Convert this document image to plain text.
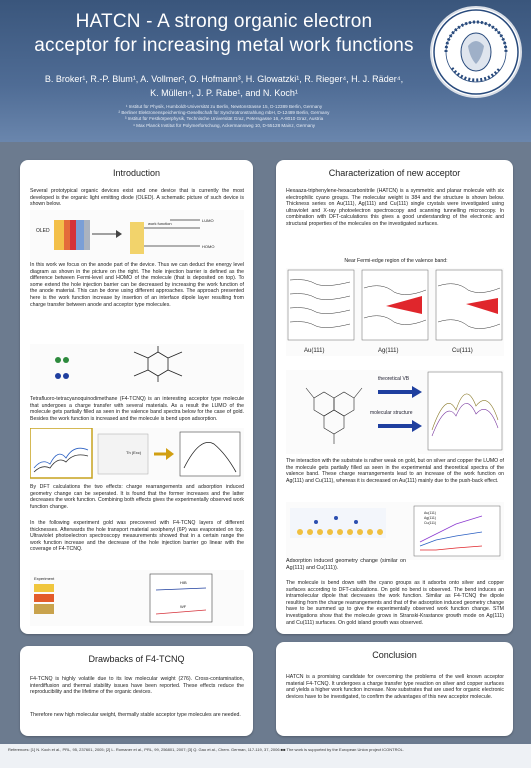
HATCN - A strong organic electron
acceptor for increasing metal work functions
B. Broker¹, R.-P. Blum¹, A. Vollmer², O. Hofmann³, H. Glowatzki¹, R. Rieger⁴, H. J. Räder⁴,
K. Müllen⁴, J. P. Rabe¹, and N. Koch¹
¹ Institut für Physik, Humboldt-Universität zu Berlin, Newtonstrasse 15, D-12389 Berlin, Germany
² Berliner Elektronenspeicherring-Gesellschaft für Synchrotronstrahlung mbH, D-12489 Berlin, Germany
³ Institut für Festkörperphysik, Technische Universität Graz, Petersgasse 16, A-8010 Graz, Austria
⁴ Max Planck Institut für Polymerforschung, Ackermannweg 10, D-55128 Mainz, Germany
Introduction
Several prototypical organic devices exist and one device that is currently the most developed is the organic light emitting diode (OLED). A schematic picture of such device is shown below.
OLED
work function
LUMO
HOMO
In this work we focus on the anode part of the device. Thus we can deduct the energy level diagram as shown in the picture on the right. The hole injection barrier is defined as the difference between Fermi-level and HOMO of the molecule (that is deposited on top). To some extend the hole injection barrier can be decreased by increasing the work function of the anode material. This can be done using different approaches. The approach presented here is the work function increase by insertion of an interface dipole layer resulting from charge transfer between anode and acceptor type molecules.
Tetrafluoro-tetracyanoquinodimethane (F4-TCNQ) is an interesting acceptor type molecule that undergoes a charge transfer with several materials. As a result the LUMO of the molecule gets partially filled as seen in the valence band spectra below for the case of gold. Besides the work function is increased and the molecule is bend upon adsorption.
Th (Exc)
By DFT calculations the two effects: charge rearrangements and adsorption induced geometry change can be seperated. It is found that the former increases and the latter decreases the work function. Combining both effects gives the experimentally observed work function change.
In the following experiment gold was precovered with F4-TCNQ layers of different thicknesses. Afterwards the hole transport material sexiphenyl (6P) was evaporated on top. Ultraviolet photoelectron spectroscopy measurements showed that in a certain range the work function increase and the decrease of the hole injection barrier go linear with the coverage of F4-TCNQ.
Experiment
HIB
WF
Drawbacks of F4-TCNQ
F4-TCNQ is highly volatile due to its low molecular weight (276). Cross-contamination, interdiffusion and thermal stability issues have been reported. These effects reduce the reproducibility and the lifetime of the organic devices.
Therefore new high molecular weight, thermally stable acceptor type molecules are needed.
Characterization of new acceptor
Hexaaza-triphenylene-hexacarbonitrile (HATCN) is a symmetric and planar molecule with six electrophilic cyano groups. The molecular weight is 384 and the structure is shown below. Thickness series on Au(111), Ag(111) and Cu(111) single crystals were investigated using ultraviolet and X-ray photoelectron spectroscopy and scanning tunnelling microscopy. In combination with DFT-calculations this gives a good understanding of the electronic and structural properties of the molecules on the investigated surfaces.
Near Fermi-edge region of the valence band:
Au(111)	Ag(111)	Cu(111)
theoretical VB
molecular structure
The interaction with the substrate is rather weak on gold, but on silver and copper the LUMO of the molecule gets partially filled as seen in the experimental and theoretical spectra of the valence band. These charge rearrangements lead to an increase of the work function on Ag(111) and Cu(111), whereas it is decreased on Au(111) mainly due to the push-back effect.
Au(111)
Ag(111)
Cu(111)
Adsorption induced geometry change (similar on Ag(111) and Cu(111)).
The molecule is bend down with the cyano groups as it adsorbs onto silver and copper surfaces according to DFT-calculations. On gold no bend is observed. The bend induces an intramolecular dipole that decreases the work function. Similar as F4-TCNQ the dipole resulting from the charge rearrangements and that of the adsorption induced geometry change have to be summed up to give the experimentally observed work function change. STM investigations show that the molecule grows in Stranski-Krastanov growth mode on Ag(111) and Cu(111) surfaces. On gold island growth was observed.
Conclusion
HATCN is a promising candidate for overcoming the problems of the well known acceptor material F4-TCNQ. It undergoes a charge transfer type reaction on silver and copper surfaces and yields a higher work function increase. Now substrates that are used for organic electronic devices have to be investigated, to confirm the advantages of this new acceptor molecule.
References: [1] N. Koch et al., PRL, 95, 237601, 2005; [2] L. Romaner et al., PRL, 99, 256801, 2007; [3] Q. Gao et al., Chem. German, 117-119, 37, 2006 ■■ The work is supported by the European Union project ICONTROL.
